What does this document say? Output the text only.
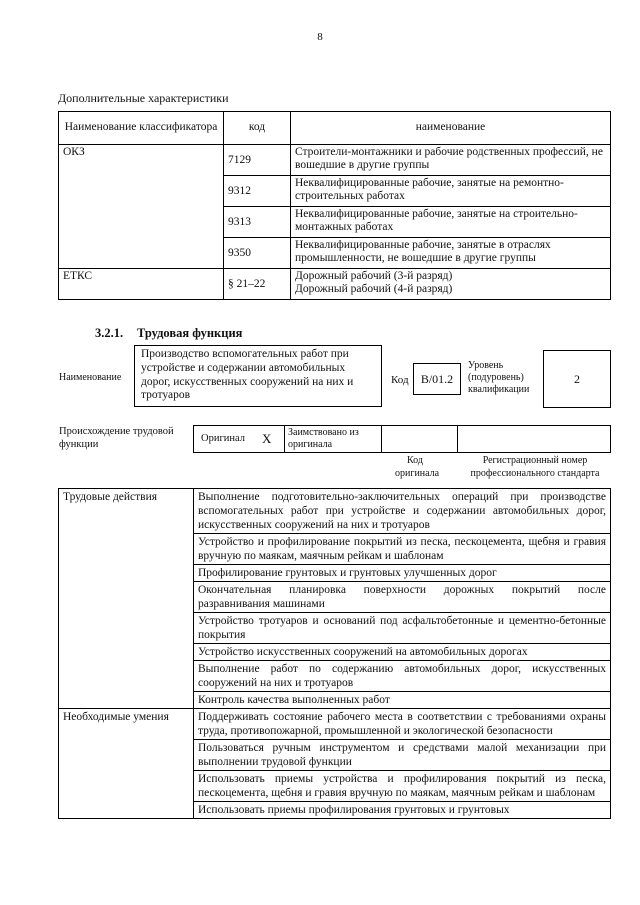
8
Дополнительные характеристики
Наименование классификатора	код	наименование
ОКЗ	7129	Строители-монтажники и рабочие родственных профессий, не вошедшие в другие группы
	9312	Неквалифицированные рабочие, занятые на ремонтно-строительных работах
	9313	Неквалифицированные рабочие, занятые на строительно-монтажных работах
	9350	Неквалифицированные рабочие, занятые в отраслях промышленности, не вошедшие в другие группы
ЕТКС	§ 21–22	Дорожный рабочий (3-й разряд)
Дорожный рабочий (4-й разряд)
3.2.1. Трудовая функция
Наименование
Производство вспомогательных работ при устройстве и содержании автомобильных дорог, искусственных сооружений на них и тротуаров
Код	B/01.2
Уровень (подуровень) квалификации
2
Происхождение трудовой функции
Оригинал X	Заимствовано из оригинала
Код оригинала
Регистрационный номер профессионального стандарта
Трудовые действия	Выполнение подготовительно-заключительных операций при производстве вспомогательных работ при устройстве и содержании автомобильных дорог, искусственных сооружений на них и тротуаров
	Устройство и профилирование покрытий из песка, пескоцемента, щебня и гравия вручную по маякам, маячным рейкам и шаблонам
	Профилирование грунтовых и грунтовых улучшенных дорог
	Окончательная планировка поверхности дорожных покрытий после разравнивания машинами
	Устройство тротуаров и оснований под асфальтобетонные и цементно-бетонные покрытия
	Устройство искусственных сооружений на автомобильных дорогах
	Выполнение работ по содержанию автомобильных дорог, искусственных сооружений на них и тротуаров
	Контроль качества выполненных работ
Необходимые умения	Поддерживать состояние рабочего места в соответствии с требованиями охраны труда, противопожарной, промышленной и экологической безопасности
	Пользоваться ручным инструментом и средствами малой механизации при выполнении трудовой функции
	Использовать приемы устройства и профилирования покрытий из песка, пескоцемента, щебня и гравия вручную по маякам, маячным рейкам и шаблонам
	Использовать приемы профилирования грунтовых и грунтовых
